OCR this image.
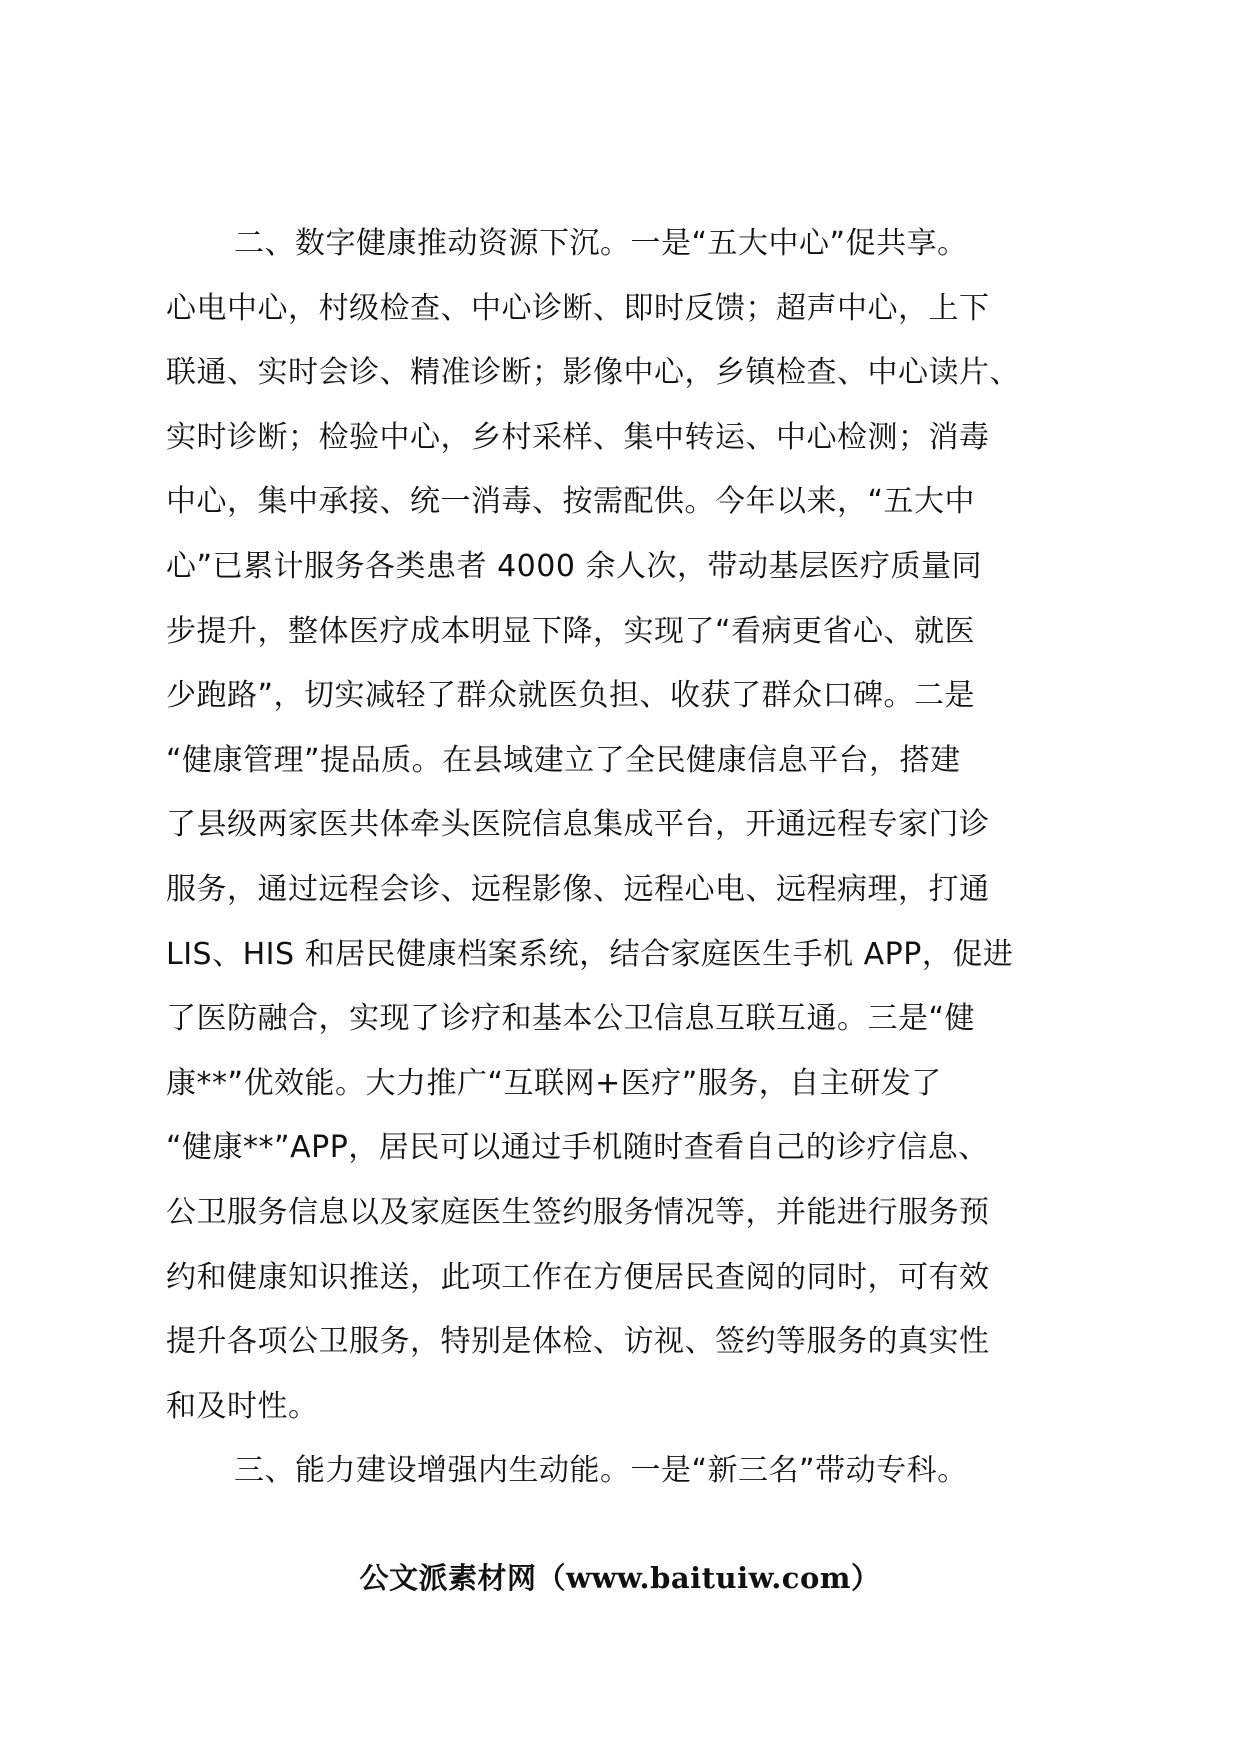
二、数字健康推动资源下沉。一是“五大中心”促共享。
心电中心，村级检查、中心诊断、即时反馈；超声中心，上下
联通、实时会诊、精准诊断；影像中心，乡镇检查、中心读片、
实时诊断；检验中心，乡村采样、集中转运、中心检测；消毒
中心，集中承接、统一消毒、按需配供。今年以来，“五大中
心”已累计服务各类患者 4000 余人次，带动基层医疗质量同
步提升，整体医疗成本明显下降，实现了“看病更省心、就医
少跑路”，切实减轻了群众就医负担、收获了群众口碑。二是
“健康管理”提品质。在县域建立了全民健康信息平台，搭建
了县级两家医共体牵头医院信息集成平台，开通远程专家门诊
服务，通过远程会诊、远程影像、远程心电、远程病理，打通
LIS、HIS 和居民健康档案系统，结合家庭医生手机 APP，促进
了医防融合，实现了诊疗和基本公卫信息互联互通。三是“健
康**”优效能。大力推广“互联网+医疗”服务，自主研发了
“健康**”APP，居民可以通过手机随时查看自己的诊疗信息、
公卫服务信息以及家庭医生签约服务情况等，并能进行服务预
约和健康知识推送，此项工作在方便居民查阅的同时，可有效
提升各项公卫服务，特别是体检、访视、签约等服务的真实性
和及时性。
三、能力建设增强内生动能。一是“新三名”带动专科。
公文派素材网（www.baituiw.com）
